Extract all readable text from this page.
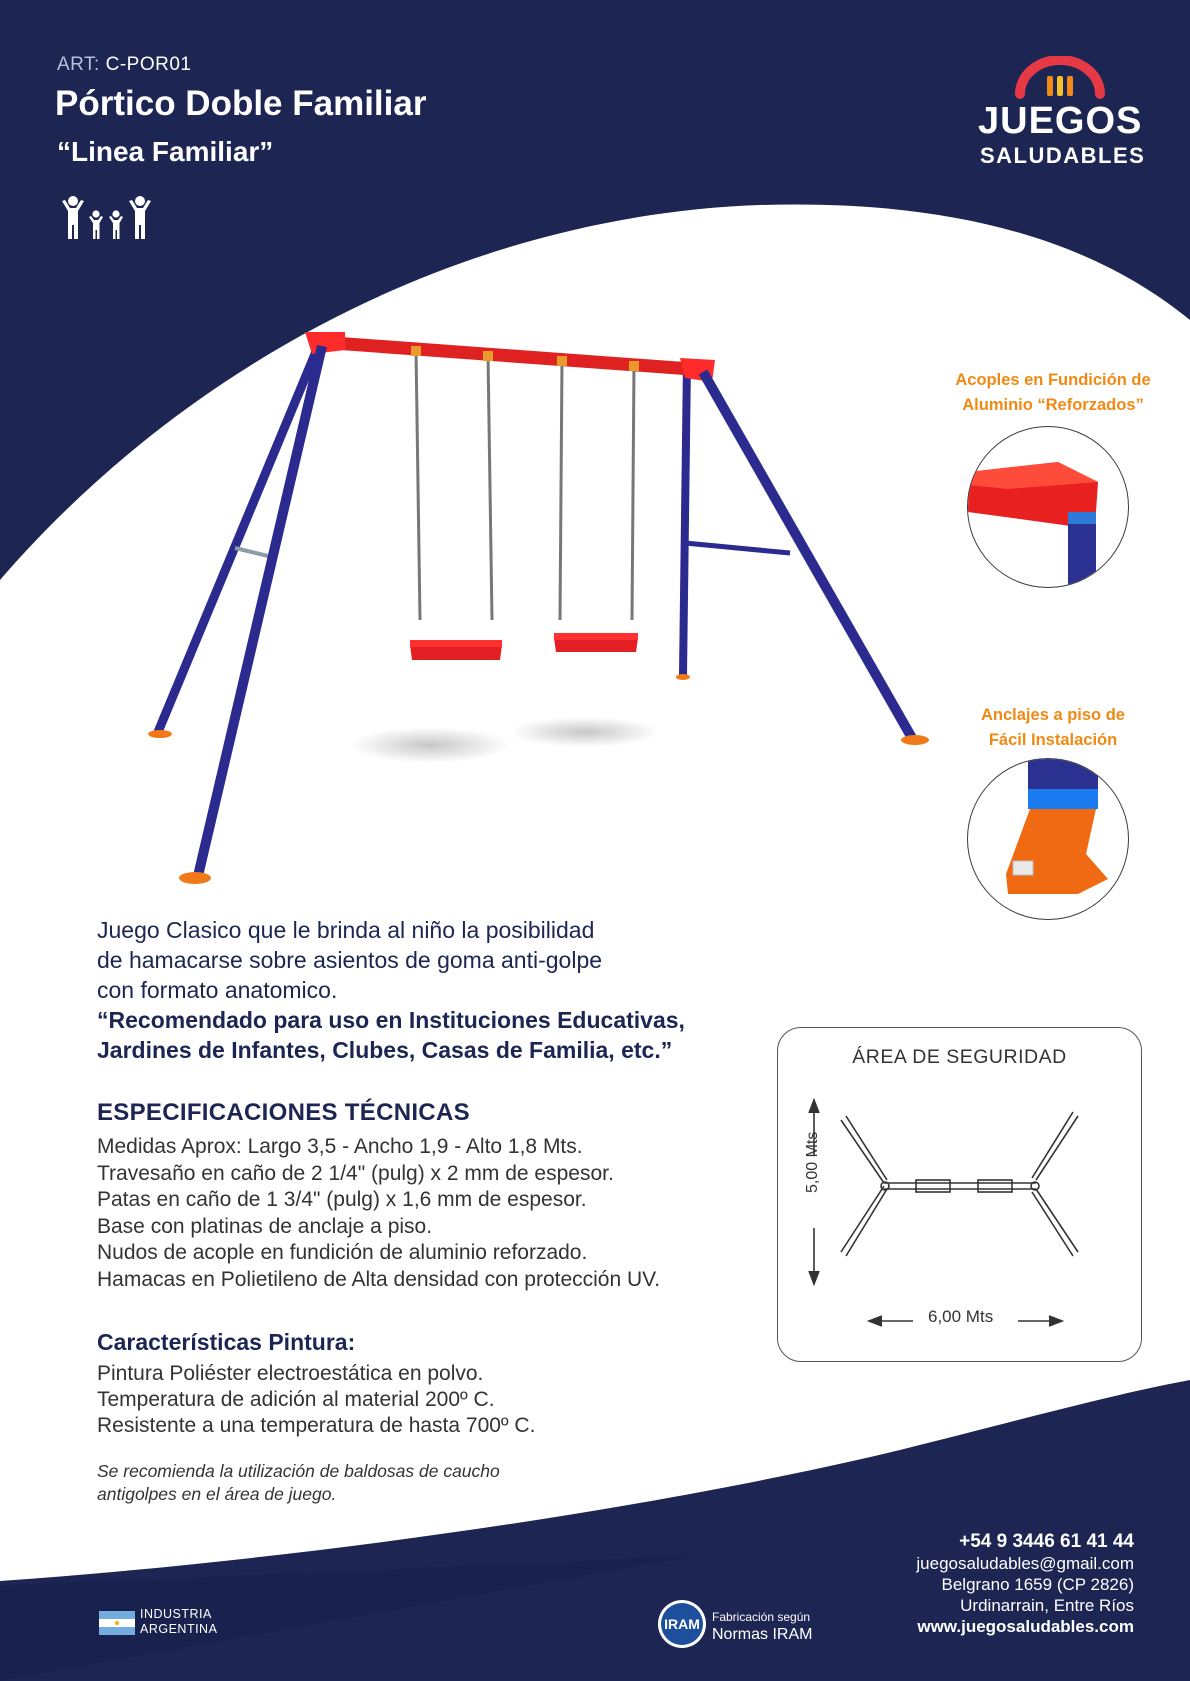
ART: C-POR01
Pórtico Doble Familiar
“Linea Familiar”
JUEGOS
SALUDABLES
Acoples en Fundición de
Aluminio “Reforzados”
Anclajes a piso de
Fácil Instalación
Juego Clasico que le brinda al niño la posibilidad
de hamacarse sobre asientos de goma anti-golpe
con formato anatomico.
“Recomendado para uso en Instituciones Educativas,
Jardines de Infantes, Clubes, Casas de Familia, etc.”
ESPECIFICACIONES TÉCNICAS
Medidas Aprox: Largo 3,5 - Ancho 1,9 - Alto 1,8 Mts.
Travesaño en caño de 2 1/4" (pulg) x 2 mm de espesor.
Patas en caño de 1 3/4" (pulg) x 1,6 mm de espesor.
Base con platinas de anclaje a piso.
Nudos de acople en fundición de aluminio reforzado.
Hamacas en Polietileno de Alta densidad con protección UV.
Características Pintura:
Pintura Poliéster electroestática en polvo.
Temperatura de adición al material 200º C.
Resistente a una temperatura de hasta 700º C.
Se recomienda la utilización de baldosas de caucho
antigolpes en el área de juego.
ÁREA DE SEGURIDAD
5,00 Mts
6,00 Mts
+54 9 3446 61 41 44
juegosaludables@gmail.com
Belgrano 1659 (CP 2826)
Urdinarrain, Entre Ríos
www.juegosaludables.com
INDUSTRIA
ARGENTINA	IRAM Fabricación según
Normas IRAM
